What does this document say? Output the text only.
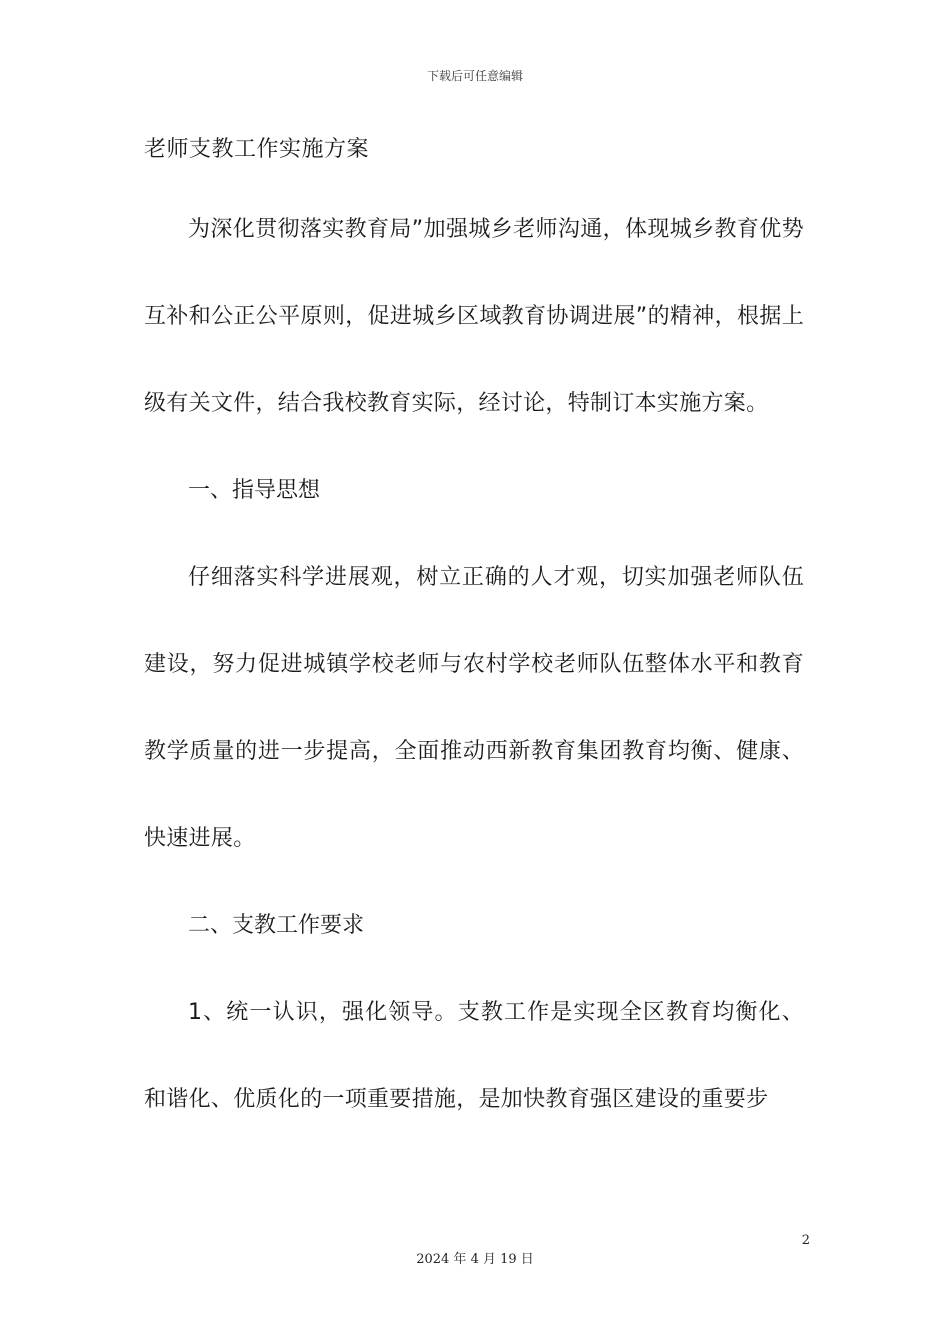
下载后可任意编辑
老师支教工作实施方案

为深化贯彻落实教育局”加强城乡老师沟通，体现城乡教育优势 互补和公正公平原则，促进城乡区域教育协调进展”的精神，根据上级有关文件，结合我校教育实际，经讨论，特制订本实施方案。

一、指导思想

仔细落实科学进展观，树立正确的人才观，切实加强老师队伍建设，努力促进城镇学校老师与农村学校老师队伍整体水平和教育教学质量的进一步提高，全面推动西新教育集团教育均衡、健康、快速进展。

二、支教工作要求

1、统一认识，强化领导。支教工作是实现全区教育均衡化、和谐化、优质化的一项重要措施，是加快教育强区建设的重要步

2
2024 年 4 月 19 日
